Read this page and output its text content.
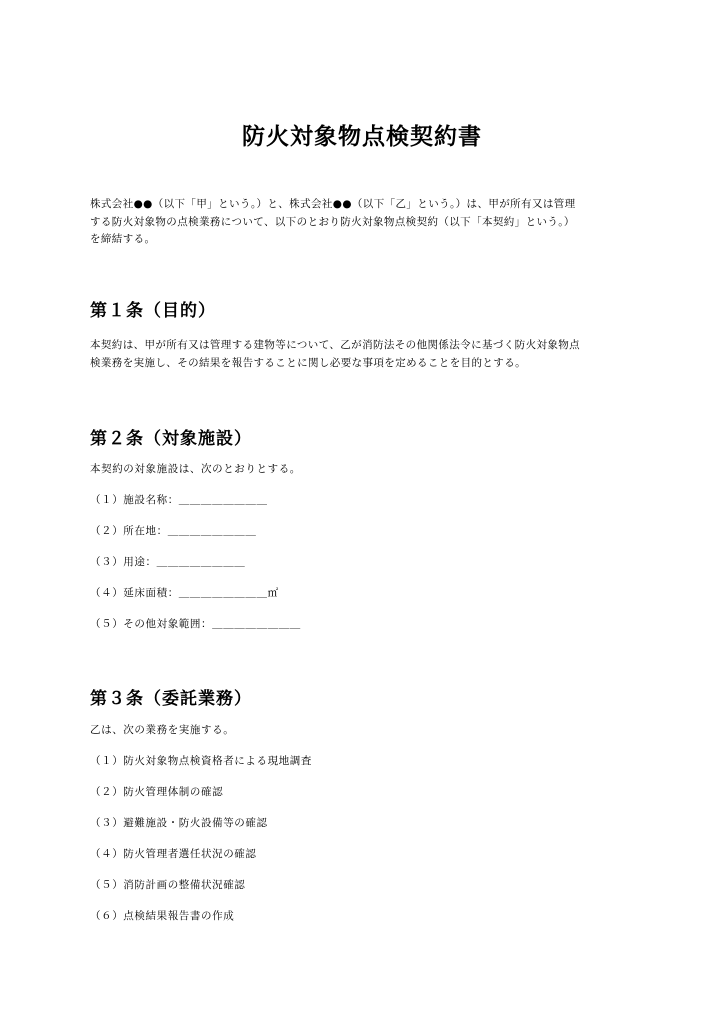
防火対象物点検契約書
株式会社●●（以下「甲」という。）と、株式会社●●（以下「乙」という。）は、甲が所有又は管理
する防火対象物の点検業務について、以下のとおり防火対象物点検契約（以下「本契約」という。）
を締結する。
第１条（目的）
本契約は、甲が所有又は管理する建物等について、乙が消防法その他関係法令に基づく防火対象物点
検業務を実施し、その結果を報告することに関し必要な事項を定めることを目的とする。
第２条（対象施設）
本契約の対象施設は、次のとおりとする。
（１）施設名称：＿＿＿＿＿＿＿＿
（２）所在地：＿＿＿＿＿＿＿＿
（３）用途：＿＿＿＿＿＿＿＿
（４）延床面積：＿＿＿＿＿＿＿＿㎡
（５）その他対象範囲：＿＿＿＿＿＿＿＿
第３条（委託業務）
乙は、次の業務を実施する。
（１）防火対象物点検資格者による現地調査
（２）防火管理体制の確認
（３）避難施設・防火設備等の確認
（４）防火管理者選任状況の確認
（５）消防計画の整備状況確認
（６）点検結果報告書の作成
